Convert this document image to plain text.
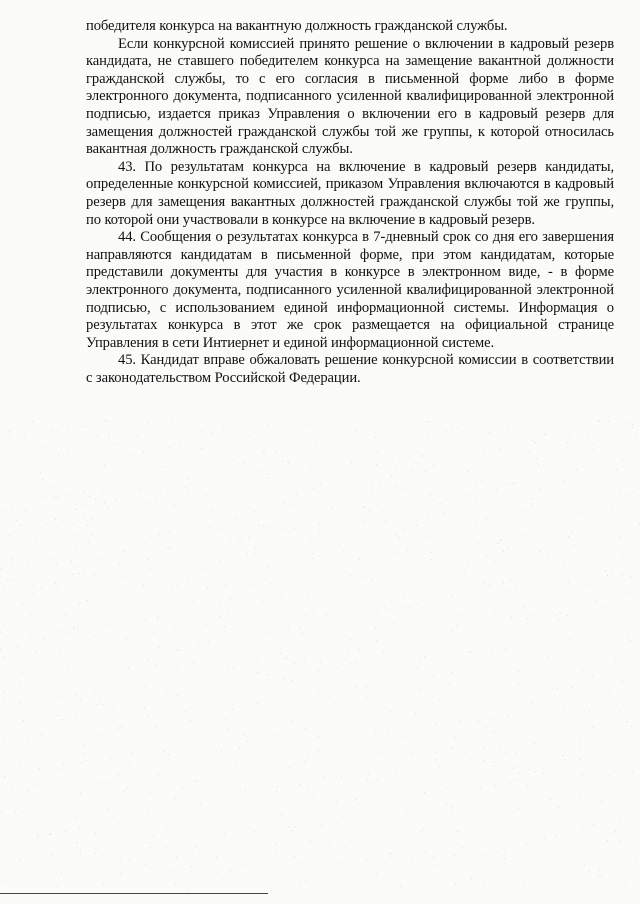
победителя конкурса на вакантную должность гражданской службы.

Если конкурсной комиссией принято решение о включении в кадровый резерв кандидата, не ставшего победителем конкурса на замещение вакантной должности гражданской службы, то с его согласия в письменной форме либо в форме электронного документа, подписанного усиленной квалифицированной электронной подписью, издается приказ Управления о включении его в кадровый резерв для замещения должностей гражданской службы той же группы, к которой относилась вакантная должность гражданской службы.

43. По результатам конкурса на включение в кадровый резерв кандидаты, определенные конкурсной комиссией, приказом Управления включаются в кадровый резерв для замещения вакантных должностей гражданской службы той же группы, по которой они участвовали в конкурсе на включение в кадровый резерв.

44. Сообщения о результатах конкурса в 7-дневный срок со дня его завершения направляются кандидатам в письменной форме, при этом кандидатам, которые представили документы для участия в конкурсе в электронном виде, - в форме электронного документа, подписанного усиленной квалифицированной электронной подписью, с использованием единой информационной системы. Информация о результатах конкурса в этот же срок размещается на официальной странице Управления в сети Интиернет и единой информационной системе.

45. Кандидат вправе обжаловать решение конкурсной комиссии в соответствии с законодательством Российской Федерации.
